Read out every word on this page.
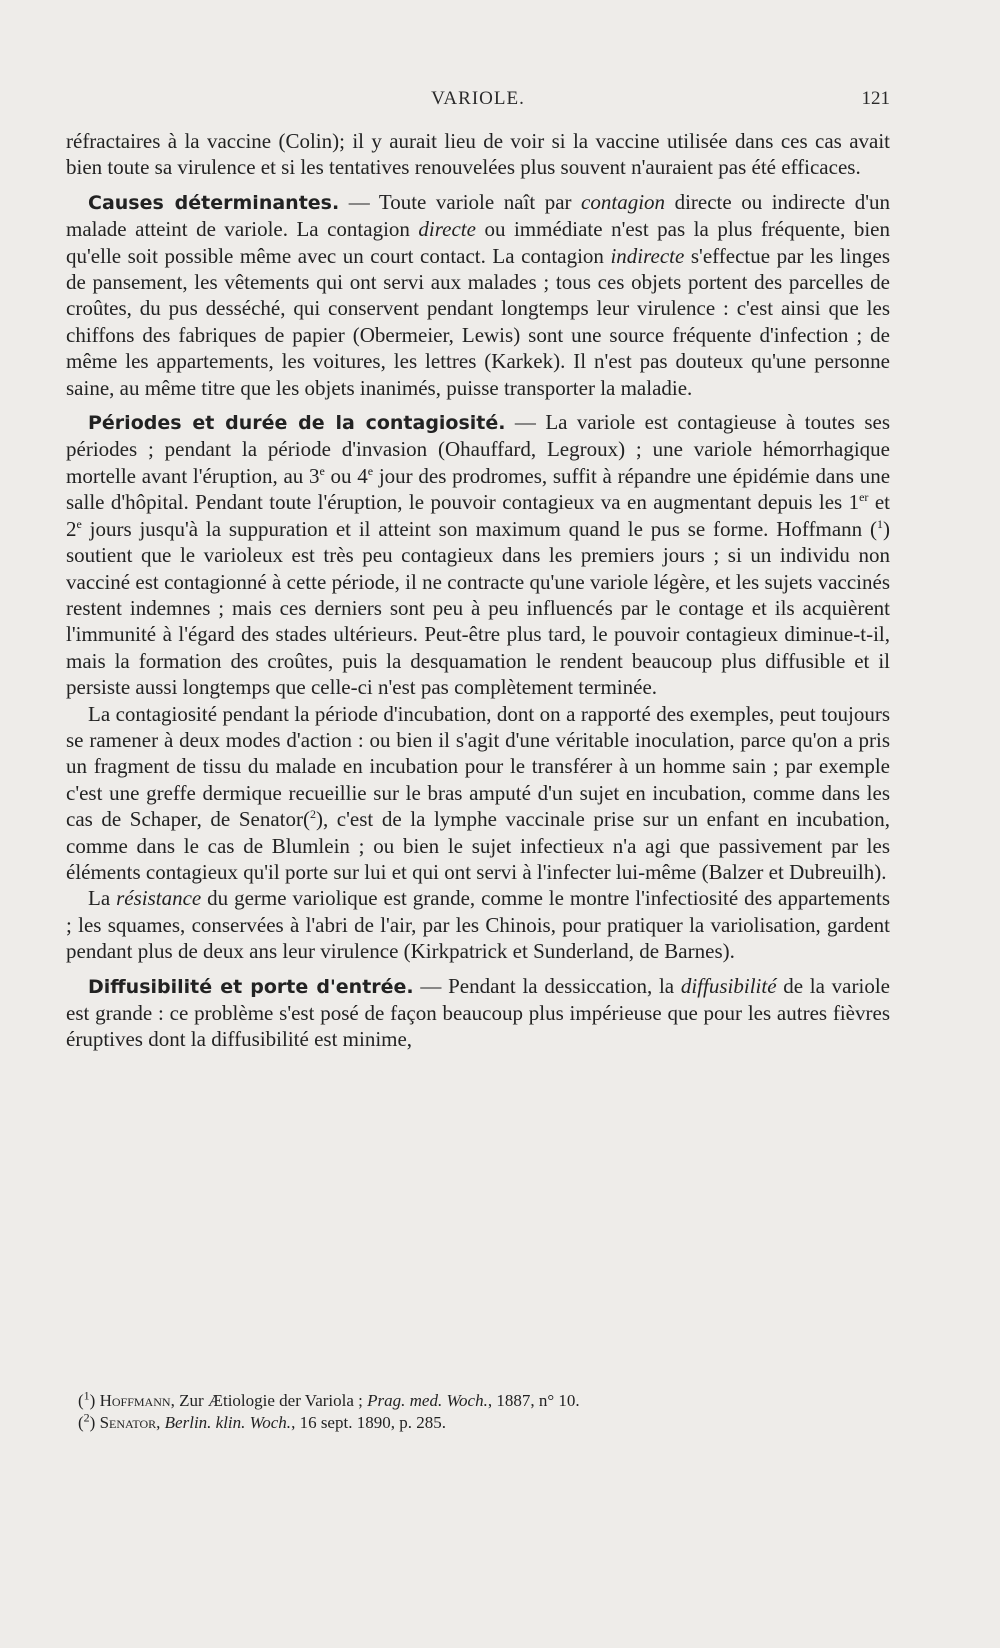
VARIOLE.	121

réfractaires à la vaccine (Colin); il y aurait lieu de voir si la vaccine utilisée dans ces cas avait bien toute sa virulence et si les tentatives renouvelées plus souvent n'auraient pas été efficaces.

Causes déterminantes. — Toute variole naît par contagion directe ou indirecte d'un malade atteint de variole. La contagion directe ou immédiate n'est pas la plus fréquente, bien qu'elle soit possible même avec un court contact. La contagion indirecte s'effectue par les linges de pansement, les vêtements qui ont servi aux malades ; tous ces objets portent des parcelles de croûtes, du pus desséché, qui conservent pendant longtemps leur virulence : c'est ainsi que les chiffons des fabriques de papier (Obermeier, Lewis) sont une source fréquente d'infection ; de même les appartements, les voitures, les lettres (Karkek). Il n'est pas douteux qu'une personne saine, au même titre que les objets inanimés, puisse transporter la maladie.

Périodes et durée de la contagiosité. — La variole est contagieuse à toutes ses périodes ; pendant la période d'invasion (Ohauffard, Legroux) ; une variole hémorrhagique mortelle avant l'éruption, au 3e ou 4e jour des prodromes, suffit à répandre une épidémie dans une salle d'hôpital. Pendant toute l'éruption, le pouvoir contagieux va en augmentant depuis les 1er et 2e jours jusqu'à la suppuration et il atteint son maximum quand le pus se forme. Hoffmann ($^1$) soutient que le varioleux est très peu contagieux dans les premiers jours ; si un individu non vacciné est contagionné à cette période, il ne contracte qu'une variole légère, et les sujets vaccinés restent indemnes ; mais ces derniers sont peu à peu influencés par le contage et ils acquièrent l'immunité à l'égard des stades ultérieurs. Peut-être plus tard, le pouvoir contagieux diminue-t-il, mais la formation des croûtes, puis la desquamation le rendent beaucoup plus diffusible et il persiste aussi longtemps que celle-ci n'est pas complètement terminée.

La contagiosité pendant la période d'incubation, dont on a rapporté des exemples, peut toujours se ramener à deux modes d'action : ou bien il s'agit d'une véritable inoculation, parce qu'on a pris un fragment de tissu du malade en incubation pour le transférer à un homme sain ; par exemple c'est une greffe dermique recueillie sur le bras amputé d'un sujet en incubation, comme dans les cas de Schaper, de Senator($^2$), c'est de la lymphe vaccinale prise sur un enfant en incubation, comme dans le cas de Blumlein ; ou bien le sujet infectieux n'a agi que passivement par les éléments contagieux qu'il porte sur lui et qui ont servi à l'infecter lui-même (Balzer et Dubreuilh).

La résistance du germe variolique est grande, comme le montre l'infectiosité des appartements ; les squames, conservées à l'abri de l'air, par les Chinois, pour pratiquer la variolisation, gardent pendant plus de deux ans leur virulence (Kirkpatrick et Sunderland, de Barnes).

Diffusibilité et porte d'entrée. — Pendant la dessiccation, la diffusibilité de la variole est grande : ce problème s'est posé de façon beaucoup plus impérieuse que pour les autres fièvres éruptives dont la diffusibilité est minime,

($^1$) Hoffmann, Zur Ætiologie der Variola ; Prag. med. Woch., 1887, n° 10.

($^2$) Senator, Berlin. klin. Woch., 16 sept. 1890, p. 285.
